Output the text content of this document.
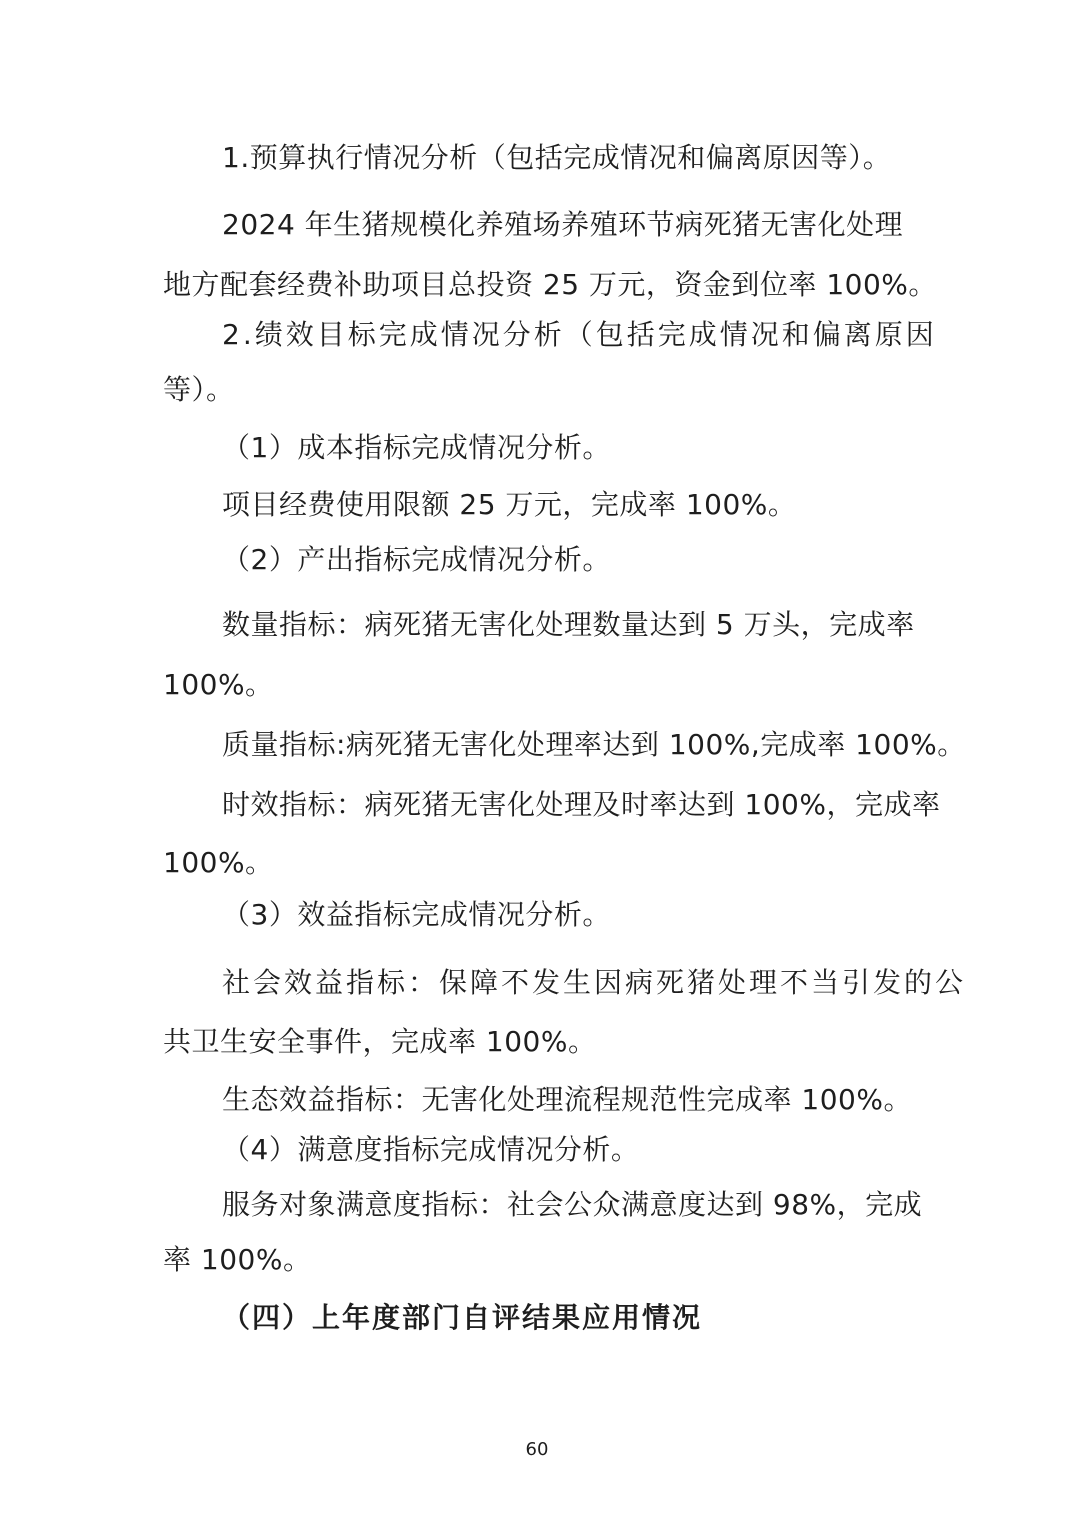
1.预算执行情况分析（包括完成情况和偏离原因等）。
2024 年生猪规模化养殖场养殖环节病死猪无害化处理
地方配套经费补助项目总投资 25 万元，资金到位率 100%。
2.绩效目标完成情况分析（包括完成情况和偏离原因
等）。
（1）成本指标完成情况分析。
项目经费使用限额 25 万元，完成率 100%。
（2）产出指标完成情况分析。
数量指标：病死猪无害化处理数量达到 5 万头，完成率
100%。
质量指标:病死猪无害化处理率达到 100%,完成率 100%。
时效指标：病死猪无害化处理及时率达到 100%，完成率
100%。
（3）效益指标完成情况分析。
社会效益指标：保障不发生因病死猪处理不当引发的公
共卫生安全事件，完成率 100%。
生态效益指标：无害化处理流程规范性完成率 100%。
（4）满意度指标完成情况分析。
服务对象满意度指标：社会公众满意度达到 98%，完成
率 100%。
（四）上年度部门自评结果应用情况
60
